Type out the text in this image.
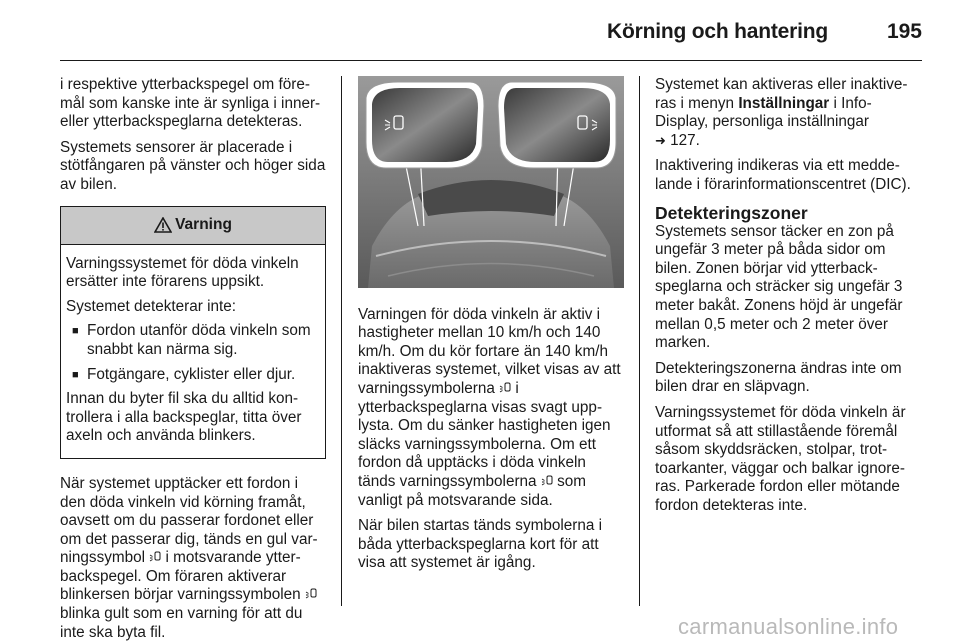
Körning och hantering	195

i respektive ytterbackspegel om föremål som kanske inte är synliga i inner- eller ytterbackspeglarna detekteras.

Systemets sensorer är placerade i stötfångaren på vänster och höger sida av bilen.

Varning

Varningssystemet för döda vinkeln ersätter inte förarens uppsikt.

Systemet detekterar inte:

■ Fordon utanför döda vinkeln som snabbt kan närma sig.
■ Fotgängare, cyklister eller djur.

Innan du byter fil ska du alltid kontrollera i alla backspeglar, titta över axeln och använda blinkers.

När systemet upptäcker ett fordon i den döda vinkeln vid körning framåt, oavsett om du passerar fordonet eller om det passerar dig, tänds en gul varningssymbol i motsvarande ytterbackspegel. Om föraren aktiverar blinkersen börjar varningssymbolen  blinka gult som en varning för att du inte ska byta fil.

Varningen för döda vinkeln är aktiv i hastigheter mellan 10 km/h och 140 km/h. Om du kör fortare än 140 km/h inaktiveras systemet, vilket visas av att varningssymbolerna i ytterbackspeglarna visas svagt upplysta. Om du sänker hastigheten igen släcks varningssymbolerna. Om ett fordon då upptäcks i döda vinkeln tänds varningssymbolerna som vanligt på motsvarande sida.

När bilen startas tänds symbolerna i båda ytterbackspeglarna kort för att visa att systemet är igång.

Systemet kan aktiveras eller inaktiveras i menyn Inställningar i Info-Display, personliga inställningar
➜ 127.

Inaktivering indikeras via ett meddelande i förarinformationscentret (DIC).

Detekteringszoner

Systemets sensor täcker en zon på ungefär 3 meter på båda sidor om bilen. Zonen börjar vid ytterbackspeglarna och sträcker sig ungefär 3 meter bakåt. Zonens höjd är ungefär mellan 0,5 meter och 2 meter över marken.

Detekteringszonerna ändras inte om bilen drar en släpvagn.

Varningssystemet för döda vinkeln är utformat så att stillastående föremål såsom skyddsräcken, stolpar, trottoarkanter, väggar och balkar ignoreras. Parkerade fordon eller mötande fordon detekteras inte.

carmanualsonline.info
